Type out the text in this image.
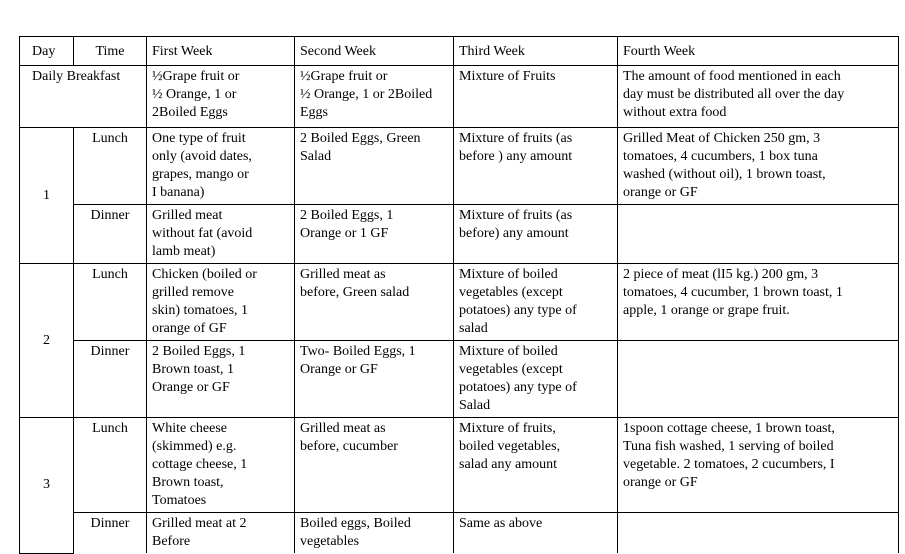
Day	Time	First Week	Second Week	Third Week	Fourth Week
Daily Breakfast		½Grape fruit or
½ Orange, 1 or
2Boiled Eggs	½Grape fruit or
½ Orange, 1 or 2Boiled
Eggs	Mixture of Fruits	The amount of food mentioned in each
day must be distributed all over the day
without extra food
1	Lunch	One type of fruit
only (avoid dates,
grapes, mango or
I banana)	2 Boiled Eggs, Green
Salad	Mixture of fruits (as
before ) any amount	Grilled Meat of Chicken 250 gm, 3
tomatoes, 4 cucumbers, 1 box tuna
washed (without oil), 1 brown toast,
orange or GF
	Dinner	Grilled meat
without fat (avoid
lamb meat)	2 Boiled Eggs, 1
Orange or 1 GF	Mixture of fruits (as
before) any amount	
2	Lunch	Chicken (boiled or
grilled remove
skin) tomatoes, 1
orange of GF	Grilled meat as
before, Green salad	Mixture of boiled
vegetables (except
potatoes) any type of
salad	2 piece of meat (lI5 kg.) 200 gm, 3
tomatoes, 4 cucumber, 1 brown toast, 1
apple, 1 orange or grape fruit.
	Dinner	2 Boiled Eggs, 1
Brown toast, 1
Orange or GF	Two- Boiled Eggs, 1
Orange or GF	Mixture of boiled
vegetables (except
potatoes) any type of
Salad	
3	Lunch	White cheese
(skimmed) e.g.
cottage cheese, 1
Brown toast,
Tomatoes	Grilled meat as
before, cucumber	Mixture of fruits,
boiled vegetables,
salad any amount	1spoon cottage cheese, 1 brown toast,
Tuna fish washed, 1 serving of boiled
vegetable. 2 tomatoes, 2 cucumbers, I
orange or GF
	Dinner	Grilled meat at 2
Before	Boiled eggs, Boiled
vegetables	Same as above	
